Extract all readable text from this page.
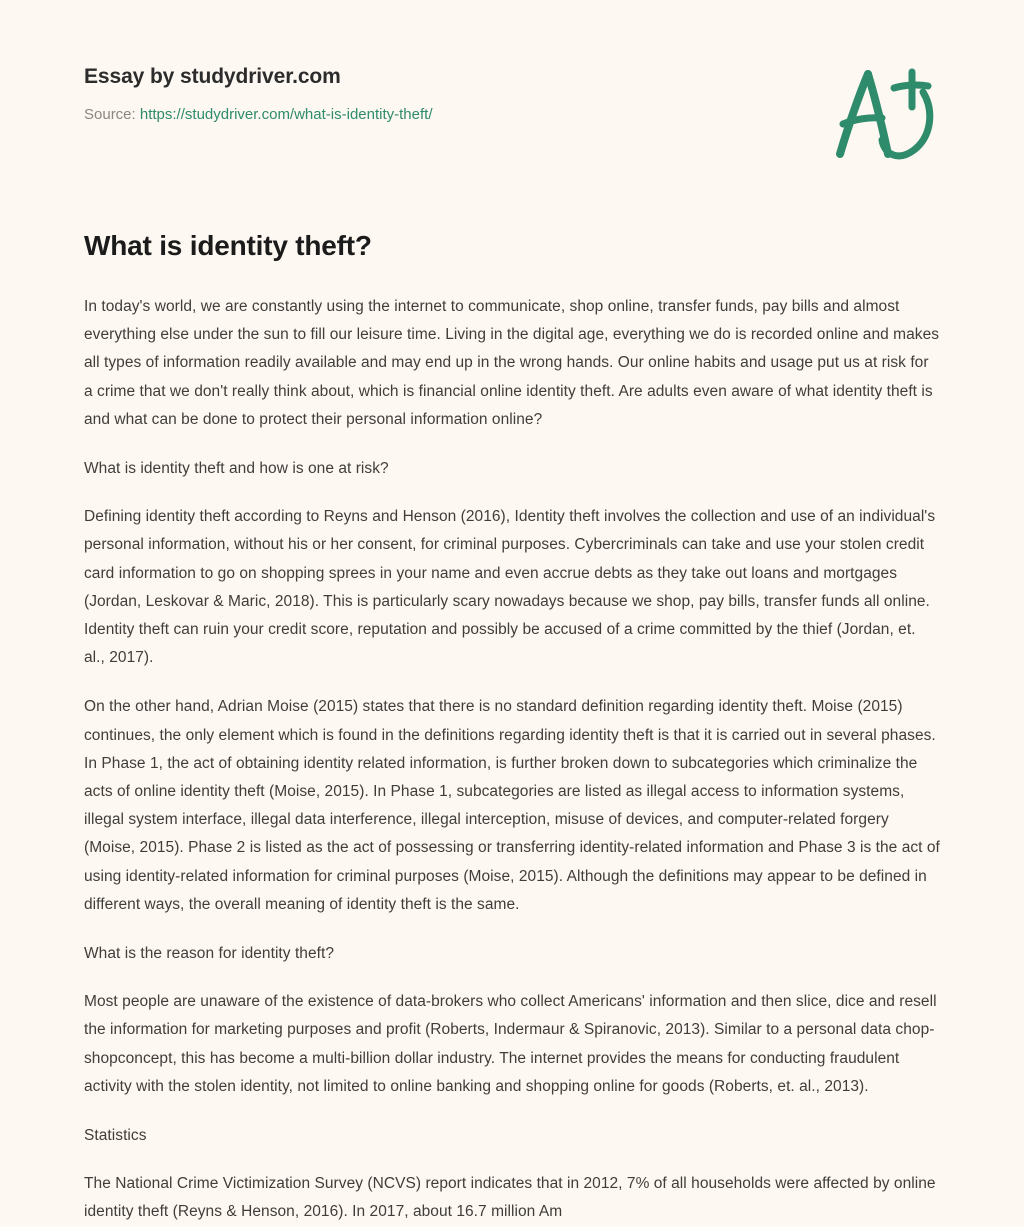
Essay by studydriver.com
Source: https://studydriver.com/what-is-identity-theft/
What is identity theft?

In today's world, we are constantly using the internet to communicate, shop online, transfer funds, pay bills and almost everything else under the sun to fill our leisure time. Living in the digital age, everything we do is recorded online and makes all types of information readily available and may end up in the wrong hands. Our online habits and usage put us at risk for a crime that we don't really think about, which is financial online identity theft. Are adults even aware of what identity theft is and what can be done to protect their personal information online?

What is identity theft and how is one at risk?

Defining identity theft according to Reyns and Henson (2016), Identity theft involves the collection and use of an individual's personal information, without his or her consent, for criminal purposes. Cybercriminals can take and use your stolen credit card information to go on shopping sprees in your name and even accrue debts as they take out loans and mortgages (Jordan, Leskovar & Maric, 2018). This is particularly scary nowadays because we shop, pay bills, transfer funds all online. Identity theft can ruin your credit score, reputation and possibly be accused of a crime committed by the thief (Jordan, et. al., 2017).

On the other hand, Adrian Moise (2015) states that there is no standard definition regarding identity theft. Moise (2015) continues, the only element which is found in the definitions regarding identity theft is that it is carried out in several phases. In Phase 1, the act of obtaining identity related information, is further broken down to subcategories which criminalize the acts of online identity theft (Moise, 2015). In Phase 1, subcategories are listed as illegal access to information systems, illegal system interface, illegal data interference, illegal interception, misuse of devices, and computer-related forgery (Moise, 2015). Phase 2 is listed as the act of possessing or transferring identity-related information and Phase 3 is the act of using identity-related information for criminal purposes (Moise, 2015). Although the definitions may appear to be defined in different ways, the overall meaning of identity theft is the same.

What is the reason for identity theft?

Most people are unaware of the existence of data-brokers who collect Americans' information and then slice, dice and resell the information for marketing purposes and profit (Roberts, Indermaur & Spiranovic, 2013). Similar to a personal data chop-shopconcept, this has become a multi-billion dollar industry. The internet provides the means for conducting fraudulent activity with the stolen identity, not limited to online banking and shopping online for goods (Roberts, et. al., 2013).

Statistics

The National Crime Victimization Survey (NCVS) report indicates that in 2012, 7% of all households were affected by online identity theft (Reyns & Henson, 2016). In 2017, about 16.7 million Am
